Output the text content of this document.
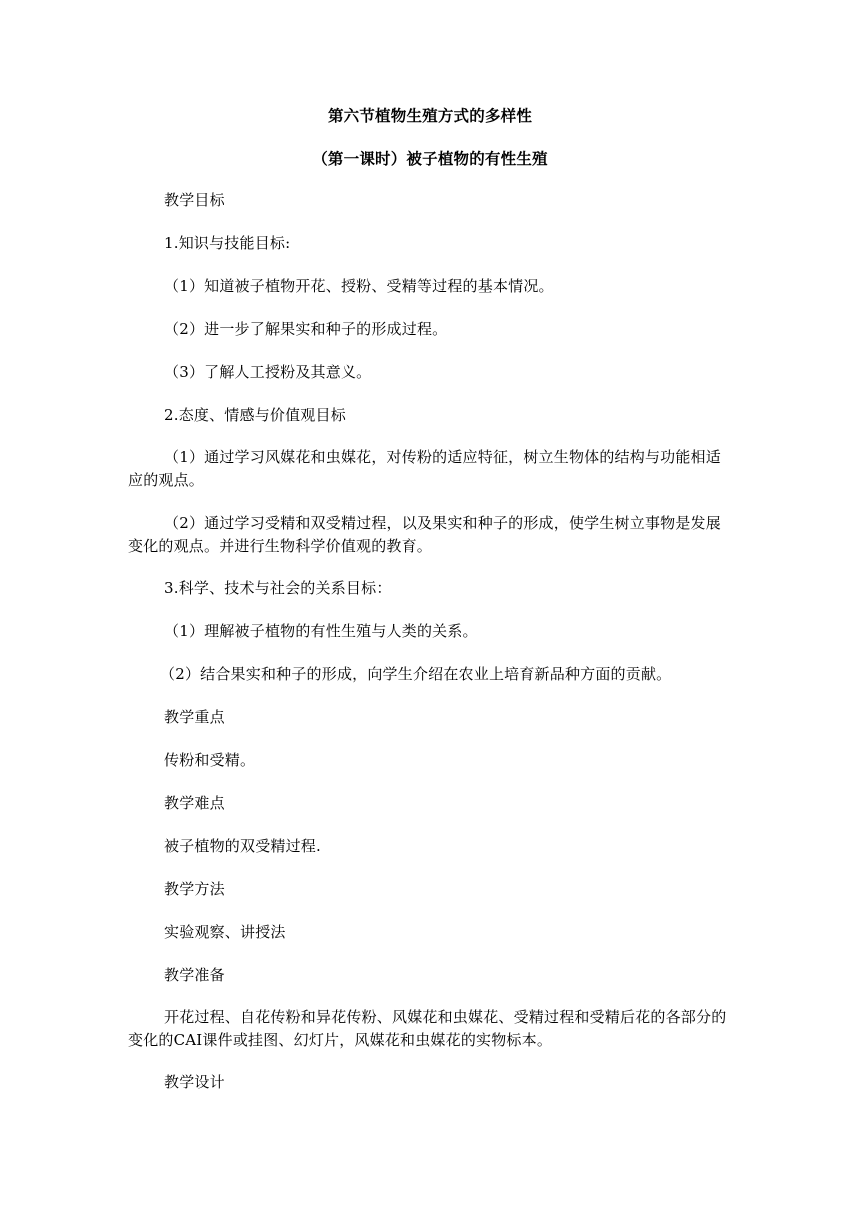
第六节植物生殖方式的多样性
（第一课时）被子植物的有性生殖
教学目标
1.知识与技能目标:
（1）知道被子植物开花、授粉、受精等过程的基本情况。
（2）进一步了解果实和种子的形成过程。
（3）了解人工授粉及其意义。
2.态度、情感与价值观目标

（1）通过学习风媒花和虫媒花，对传粉的适应特征，树立生物体的结构与功能相适应的观点。

（2）通过学习受精和双受精过程，以及果实和种子的形成，使学生树立事物是发展变化的观点。并进行生物科学价值观的教育。

3.科学、技术与社会的关系目标：
（1）理解被子植物的有性生殖与人类的关系。
（2）结合果实和种子的形成，向学生介绍在农业上培育新品种方面的贡献。
教学重点
传粉和受精。
教学难点
被子植物的双受精过程.
教学方法
实验观察、讲授法
教学准备

开花过程、自花传粉和异花传粉、风媒花和虫媒花、受精过程和受精后花的各部分的变化的CAI课件或挂图、幻灯片，风媒花和虫媒花的实物标本。

教学设计
